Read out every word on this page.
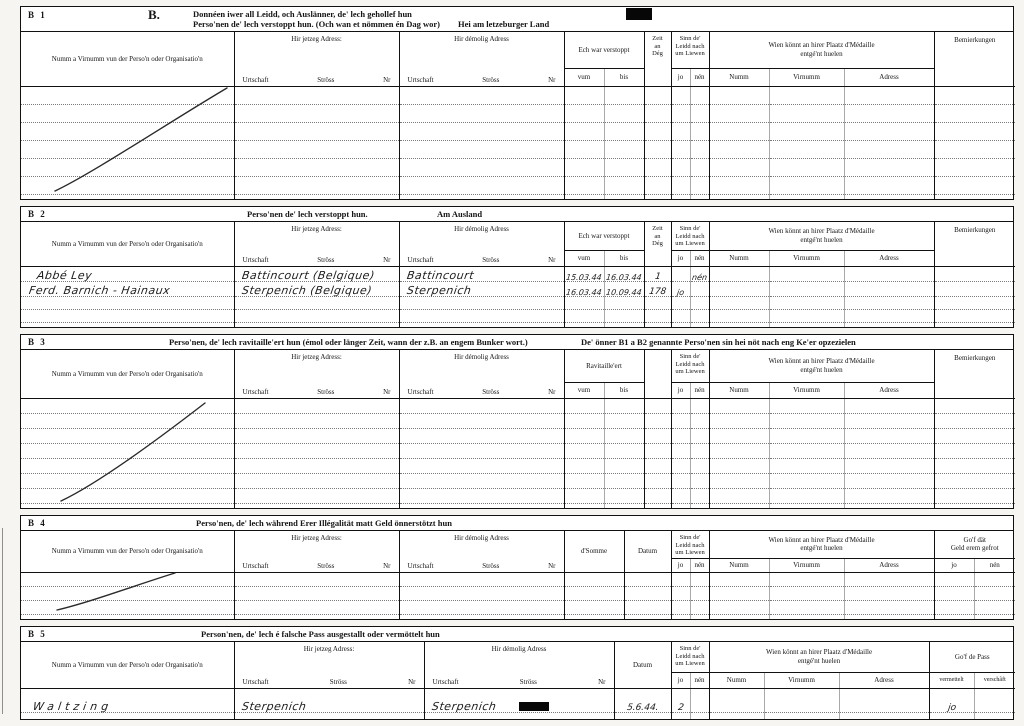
B 1	B.	Donnéen iwer all Leidd, och Auslänner, de' lech gehollef hun
Perso'nen de' lech verstoppt hun. (Och wan et nömmen én Dag wor) Hei am letzeburger Land
Numm a Virnumm vun der Perso'n oder Organisatio'n	
Hir jetzeg Adress:
Urtschaft	Ströss	Nr

Hir démolig Adress
Urtschaft	Ströss	Nr
	Ech war verstoppt	
Zeit
an
Dég

Sinn de'
Leidd nach
um Liewen

Wien könnt an hirer Plaatz d'Médaille
entgé'nt huelen
	Bemierkungen
			vum	bis		jo	nén	Numm	Virnumm	Adress	

B 2	Perso'nen de' lech verstoppt hun.	Am Ausland
Numm a Virnumm vun der Perso'n oder Organisatio'n	
Hir jetzeg Adress:
Urtschaft	Ströss	Nr

Hir démolig Adress
Urtschaft	Ströss	Nr
	Ech war verstoppt	
Zeit
an
Dég

Sinn de'
Leidd nach
um Liewen

Wien könnt an hirer Plaatz d'Médaille
entgé'nt huelen
	Bemierkungen
			vum	bis		jo	nén	Numm	Virnumm	Adress	
Abbé Ley	Battincourt (Belgique)	Battincourt	15.03.44	16.03.44	1		nén				
Ferd. Barnich - Hainaux	Sterpenich (Belgique)	Sterpenich	16.03.44	10.09.44	178	jo					

B 3	Perso'nen, de' lech ravitaille'ert hun (émol oder länger Zeit, wann der z.B. an engem Bunker wort.)	De' önner B1 a B2 genannte Perso'nen sin hei nöt nach eng Ke'er opzezielen
Numm a Virnumm vun der Perso'n oder Organisatio'n	
Hir jetzeg Adress:
Urtschaft	Ströss	Nr

Hir démolig Adress
Urtschaft	Ströss	Nr
	Ravitaille'ert		
Sinn de'
Leidd nach
um Liewen

Wien könnt an hirer Plaatz d'Médaille
entgé'nt huelen
	Bemierkungen
			vum	bis		jo	nén	Numm	Virnumm	Adress	

B 4	Perso'nen, de' lech während Erer Illégalität matt Geld önnerstötzt hun
Numm a Virnumm vun der Perso'n oder Organisatio'n	
Hir jetzeg Adress:
Urtschaft	Ströss	Nr

Hir démolig Adress
Urtschaft	Ströss	Nr
	d'Somme	Datum	
Sinn de'
Leidd nach
um Liewen

Wien könnt an hirer Plaatz d'Médaille
entgé'nt huelen

Go'f dät
Geld erem gefrot

					jo	nén	Numm	Virnumm	Adress	jo	nén

B 5	Person'nen, de' lech é falsche Pass ausgestallt oder vermöttelt hun
Numm a Virnumm vun der Perso'n oder Organisatio'n	
Hir jetzeg Adress:
Urtschaft	Ströss	Nr

Hir démolig Adress
Urtschaft	Ströss	Nr
	Datum	
Sinn de'
Leidd nach
um Liewen

Wien könnt an hirer Plaatz d'Médaille
entgé'nt huelen
	Go'f de Pass
				jo	nén	Numm	Virnumm	Adress	vermettelt	verschâft
Waltzing	Sterpenich	Sterpenich	5.6.44.	2					jo	
